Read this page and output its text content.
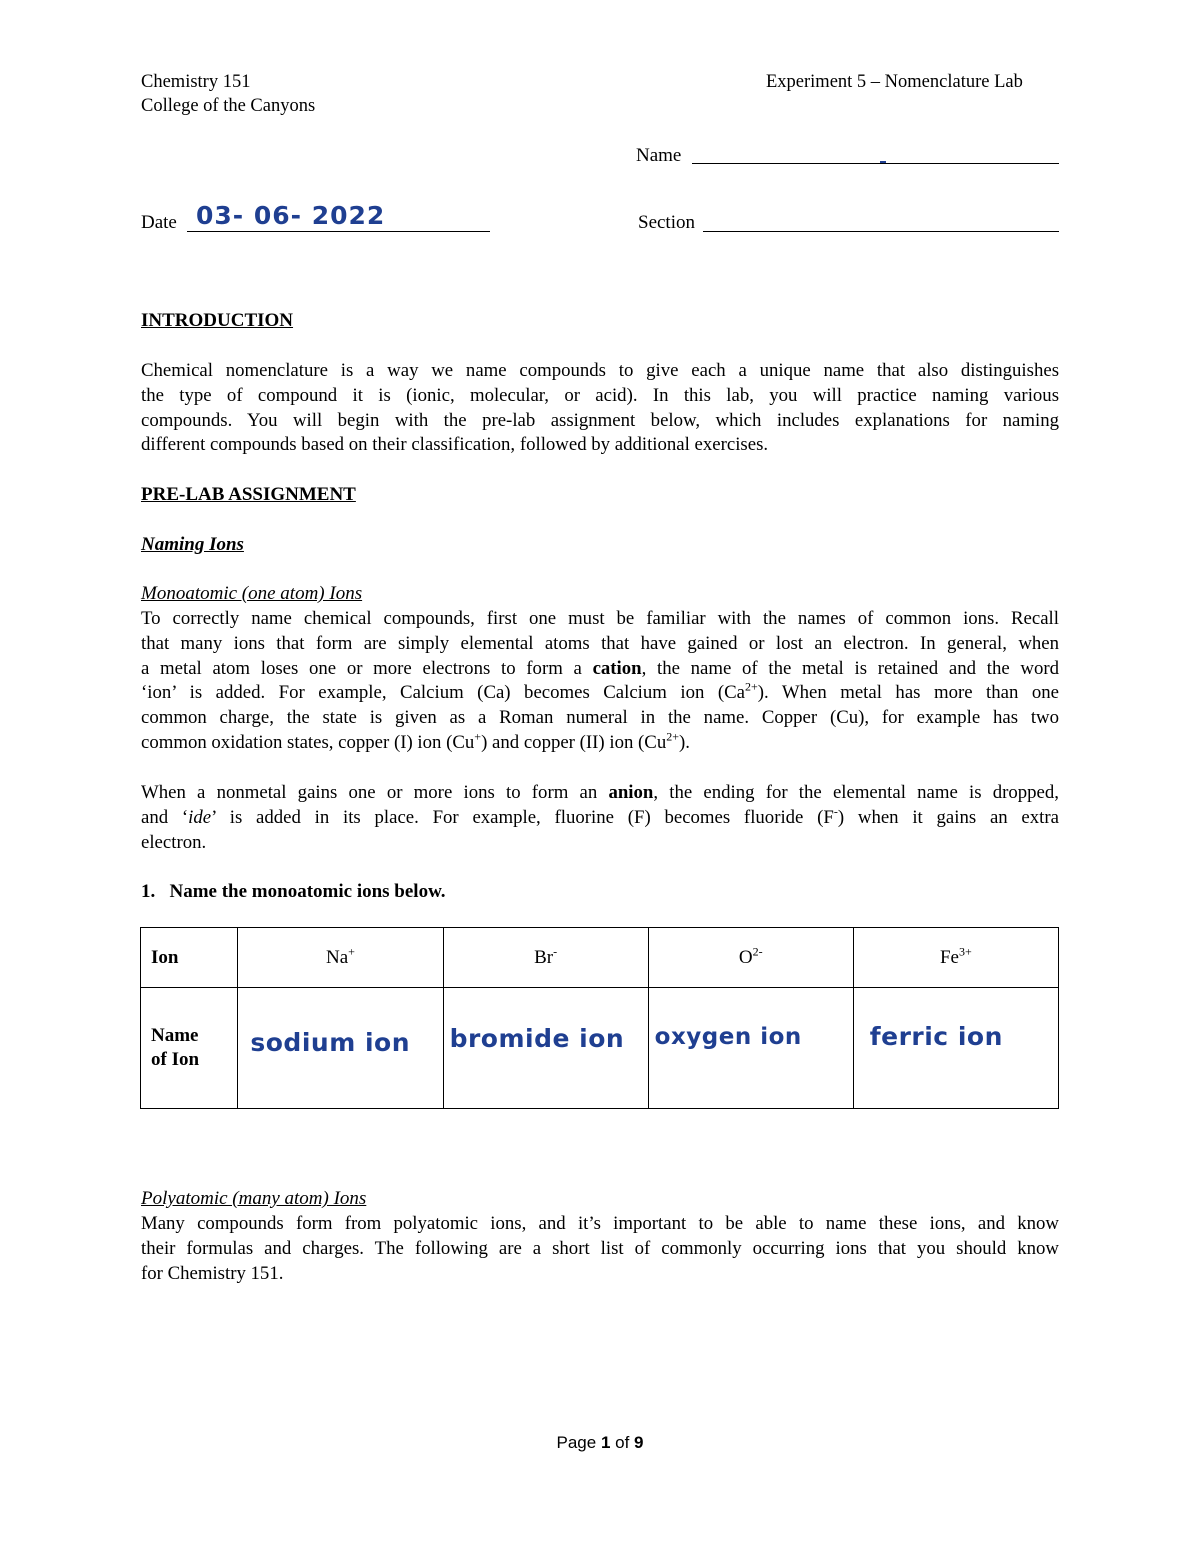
Chemistry 151
College of the Canyons
Experiment 5 – Nomenclature Lab
Name
Date 03- 06- 2022	Section
INTRODUCTION
Chemical nomenclature is a way we name compounds to give each a unique name that also distinguishes
the type of compound it is (ionic, molecular, or acid). In this lab, you will practice naming various
compounds. You will begin with the pre-lab assignment below, which includes explanations for naming
different compounds based on their classification, followed by additional exercises.
PRE-LAB ASSIGNMENT
Naming Ions
Monoatomic (one atom) Ions
To correctly name chemical compounds, first one must be familiar with the names of common ions. Recall
that many ions that form are simply elemental atoms that have gained or lost an electron. In general, when
a metal atom loses one or more electrons to form a cation, the name of the metal is retained and the word
‘ion’ is added. For example, Calcium (Ca) becomes Calcium ion $(Ca^{2+})$. When metal has more than one
common charge, the state is given as a Roman numeral in the name. Copper (Cu), for example has two
common oxidation states, copper (I) ion (Cu+) and copper (II) ion $(Cu^{2+})$.
When a nonmetal gains one or more ions to form an anion, the ending for the elemental name is dropped,
and ‘ide’ is added in its place. For example, fluorine (F) becomes fluoride (F-) when it gains an extra
electron.
1.   Name the monoatomic ions below.
Ion	Na+	Br-	$O^{2-}$	$Fe^{3+}$
Name
of Ion	sodium ion	bromide ion	oxygen ion	ferric ion
Polyatomic (many atom) Ions
Many compounds form from polyatomic ions, and it’s important to be able to name these ions, and know
their formulas and charges. The following are a short list of commonly occurring ions that you should know
for Chemistry 151.
Page 1 of 9
